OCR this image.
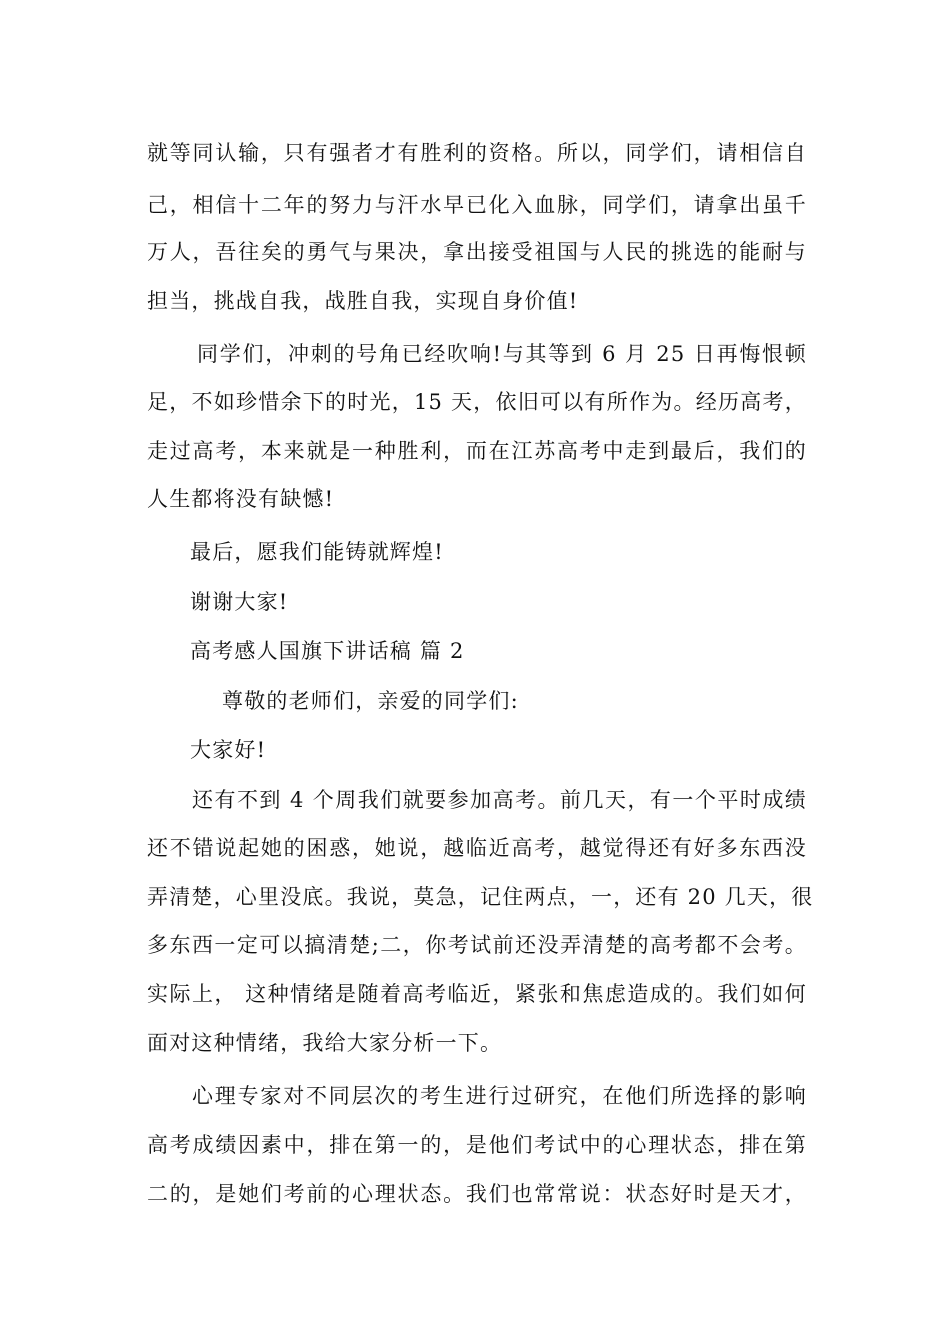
就等同认输，只有强者才有胜利的资格。所以，同学们，请相信自
己，相信十二年的努力与汗水早已化入血脉，同学们，请拿出虽千
万人，吾往矣的勇气与果决，拿出接受祖国与人民的挑选的能耐与
担当，挑战自我，战胜自我，实现自身价值!
同学们，冲刺的号角已经吹响!与其等到 6 月 25 日再悔恨顿
足，不如珍惜余下的时光，15 天，依旧可以有所作为。经历高考，
走过高考，本来就是一种胜利，而在江苏高考中走到最后，我们的
人生都将没有缺憾!
最后，愿我们能铸就辉煌!
谢谢大家!
高考感人国旗下讲话稿 篇 2
尊敬的老师们，亲爱的同学们:
大家好!
还有不到 4 个周我们就要参加高考。前几天，有一个平时成绩
还不错说起她的困惑，她说，越临近高考，越觉得还有好多东西没
弄清楚，心里没底。我说，莫急，记住两点，一，还有 20 几天，很
多东西一定可以搞清楚;二，你考试前还没弄清楚的高考都不会考。
实际上， 这种情绪是随着高考临近，紧张和焦虑造成的。我们如何
面对这种情绪，我给大家分析一下。
心理专家对不同层次的考生进行过研究，在他们所选择的影响
高考成绩因素中，排在第一的，是他们考试中的心理状态，排在第
二的，是她们考前的心理状态。我们也常常说：状态好时是天才，
